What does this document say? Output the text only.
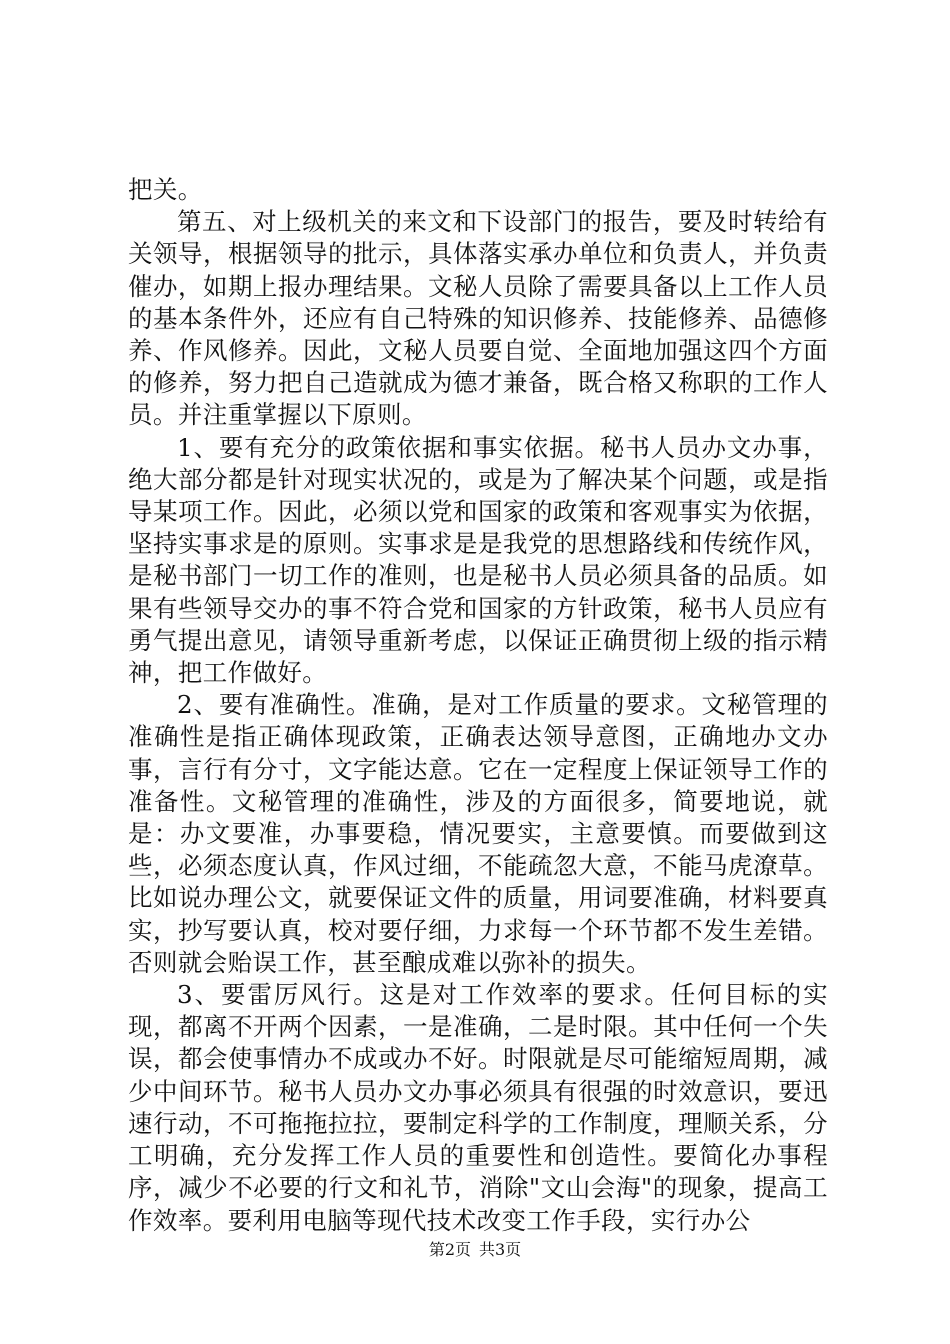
把关。

第五、对上级机关的来文和下设部门的报告，要及时转给有关领导，根据领导的批示，具体落实承办单位和负责人，并负责催办，如期上报办理结果。文秘人员除了需要具备以上工作人员的基本条件外，还应有自己特殊的知识修养、技能修养、品德修养、作风修养。因此，文秘人员要自觉、全面地加强这四个方面的修养，努力把自己造就成为德才兼备，既合格又称职的工作人员。并注重掌握以下原则。

1、要有充分的政策依据和事实依据。秘书人员办文办事，绝大部分都是针对现实状况的，或是为了解决某个问题，或是指导某项工作。因此，必须以党和国家的政策和客观事实为依据，坚持实事求是的原则。实事求是是我党的思想路线和传统作风，是秘书部门一切工作的准则，也是秘书人员必须具备的品质。如果有些领导交办的事不符合党和国家的方针政策，秘书人员应有勇气提出意见，请领导重新考虑，以保证正确贯彻上级的指示精神，把工作做好。

2、要有准确性。准确，是对工作质量的要求。文秘管理的准确性是指正确体现政策，正确表达领导意图，正确地办文办事，言行有分寸，文字能达意。它在一定程度上保证领导工作的准备性。文秘管理的准确性，涉及的方面很多，简要地说，就是：办文要准，办事要稳，情况要实，主意要慎。而要做到这些，必须态度认真，作风过细，不能疏忽大意，不能马虎潦草。比如说办理公文，就要保证文件的质量，用词要准确，材料要真实，抄写要认真，校对要仔细，力求每一个环节都不发生差错。否则就会贻误工作，甚至酿成难以弥补的损失。

3、要雷厉风行。这是对工作效率的要求。任何目标的实现，都离不开两个因素，一是准确，二是时限。其中任何一个失误，都会使事情办不成或办不好。时限就是尽可能缩短周期，减少中间环节。秘书人员办文办事必须具有很强的时效意识，要迅速行动，不可拖拖拉拉，要制定科学的工作制度，理顺关系，分工明确，充分发挥工作人员的重要性和创造性。要简化办事程序，减少不必要的行文和礼节，消除"文山会海"的现象，提高工作效率。要利用电脑等现代技术改变工作手段，实行办公

第2页 共3页
